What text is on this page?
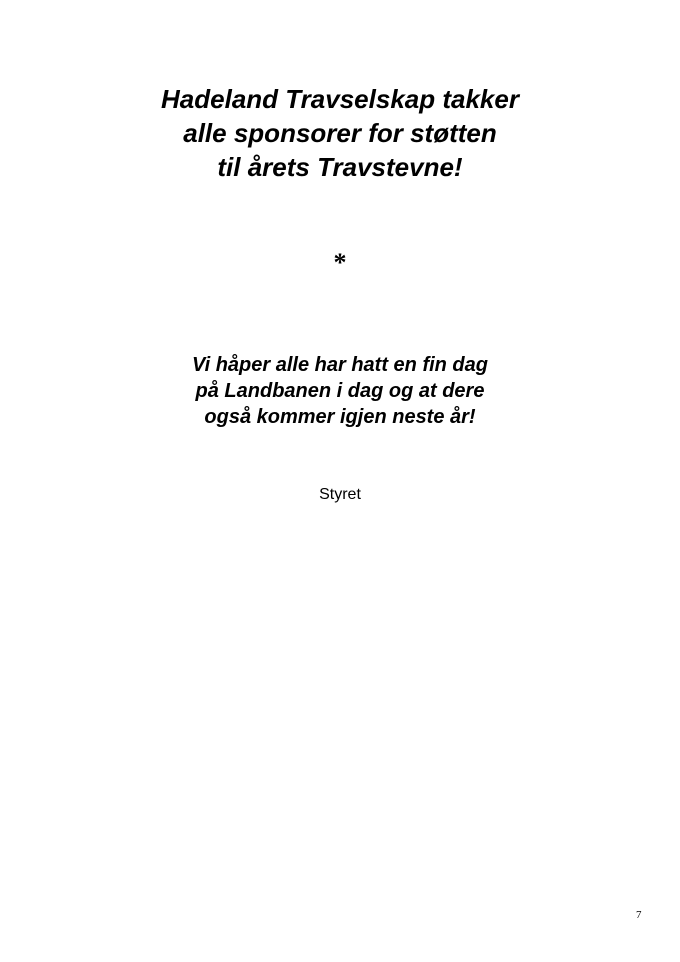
Hadeland Travselskap takker
alle sponsorer for støtten
til årets Travstevne!
*
Vi håper alle har hatt en fin dag
på Landbanen i dag og at dere
også kommer igjen neste år!
Styret
7
